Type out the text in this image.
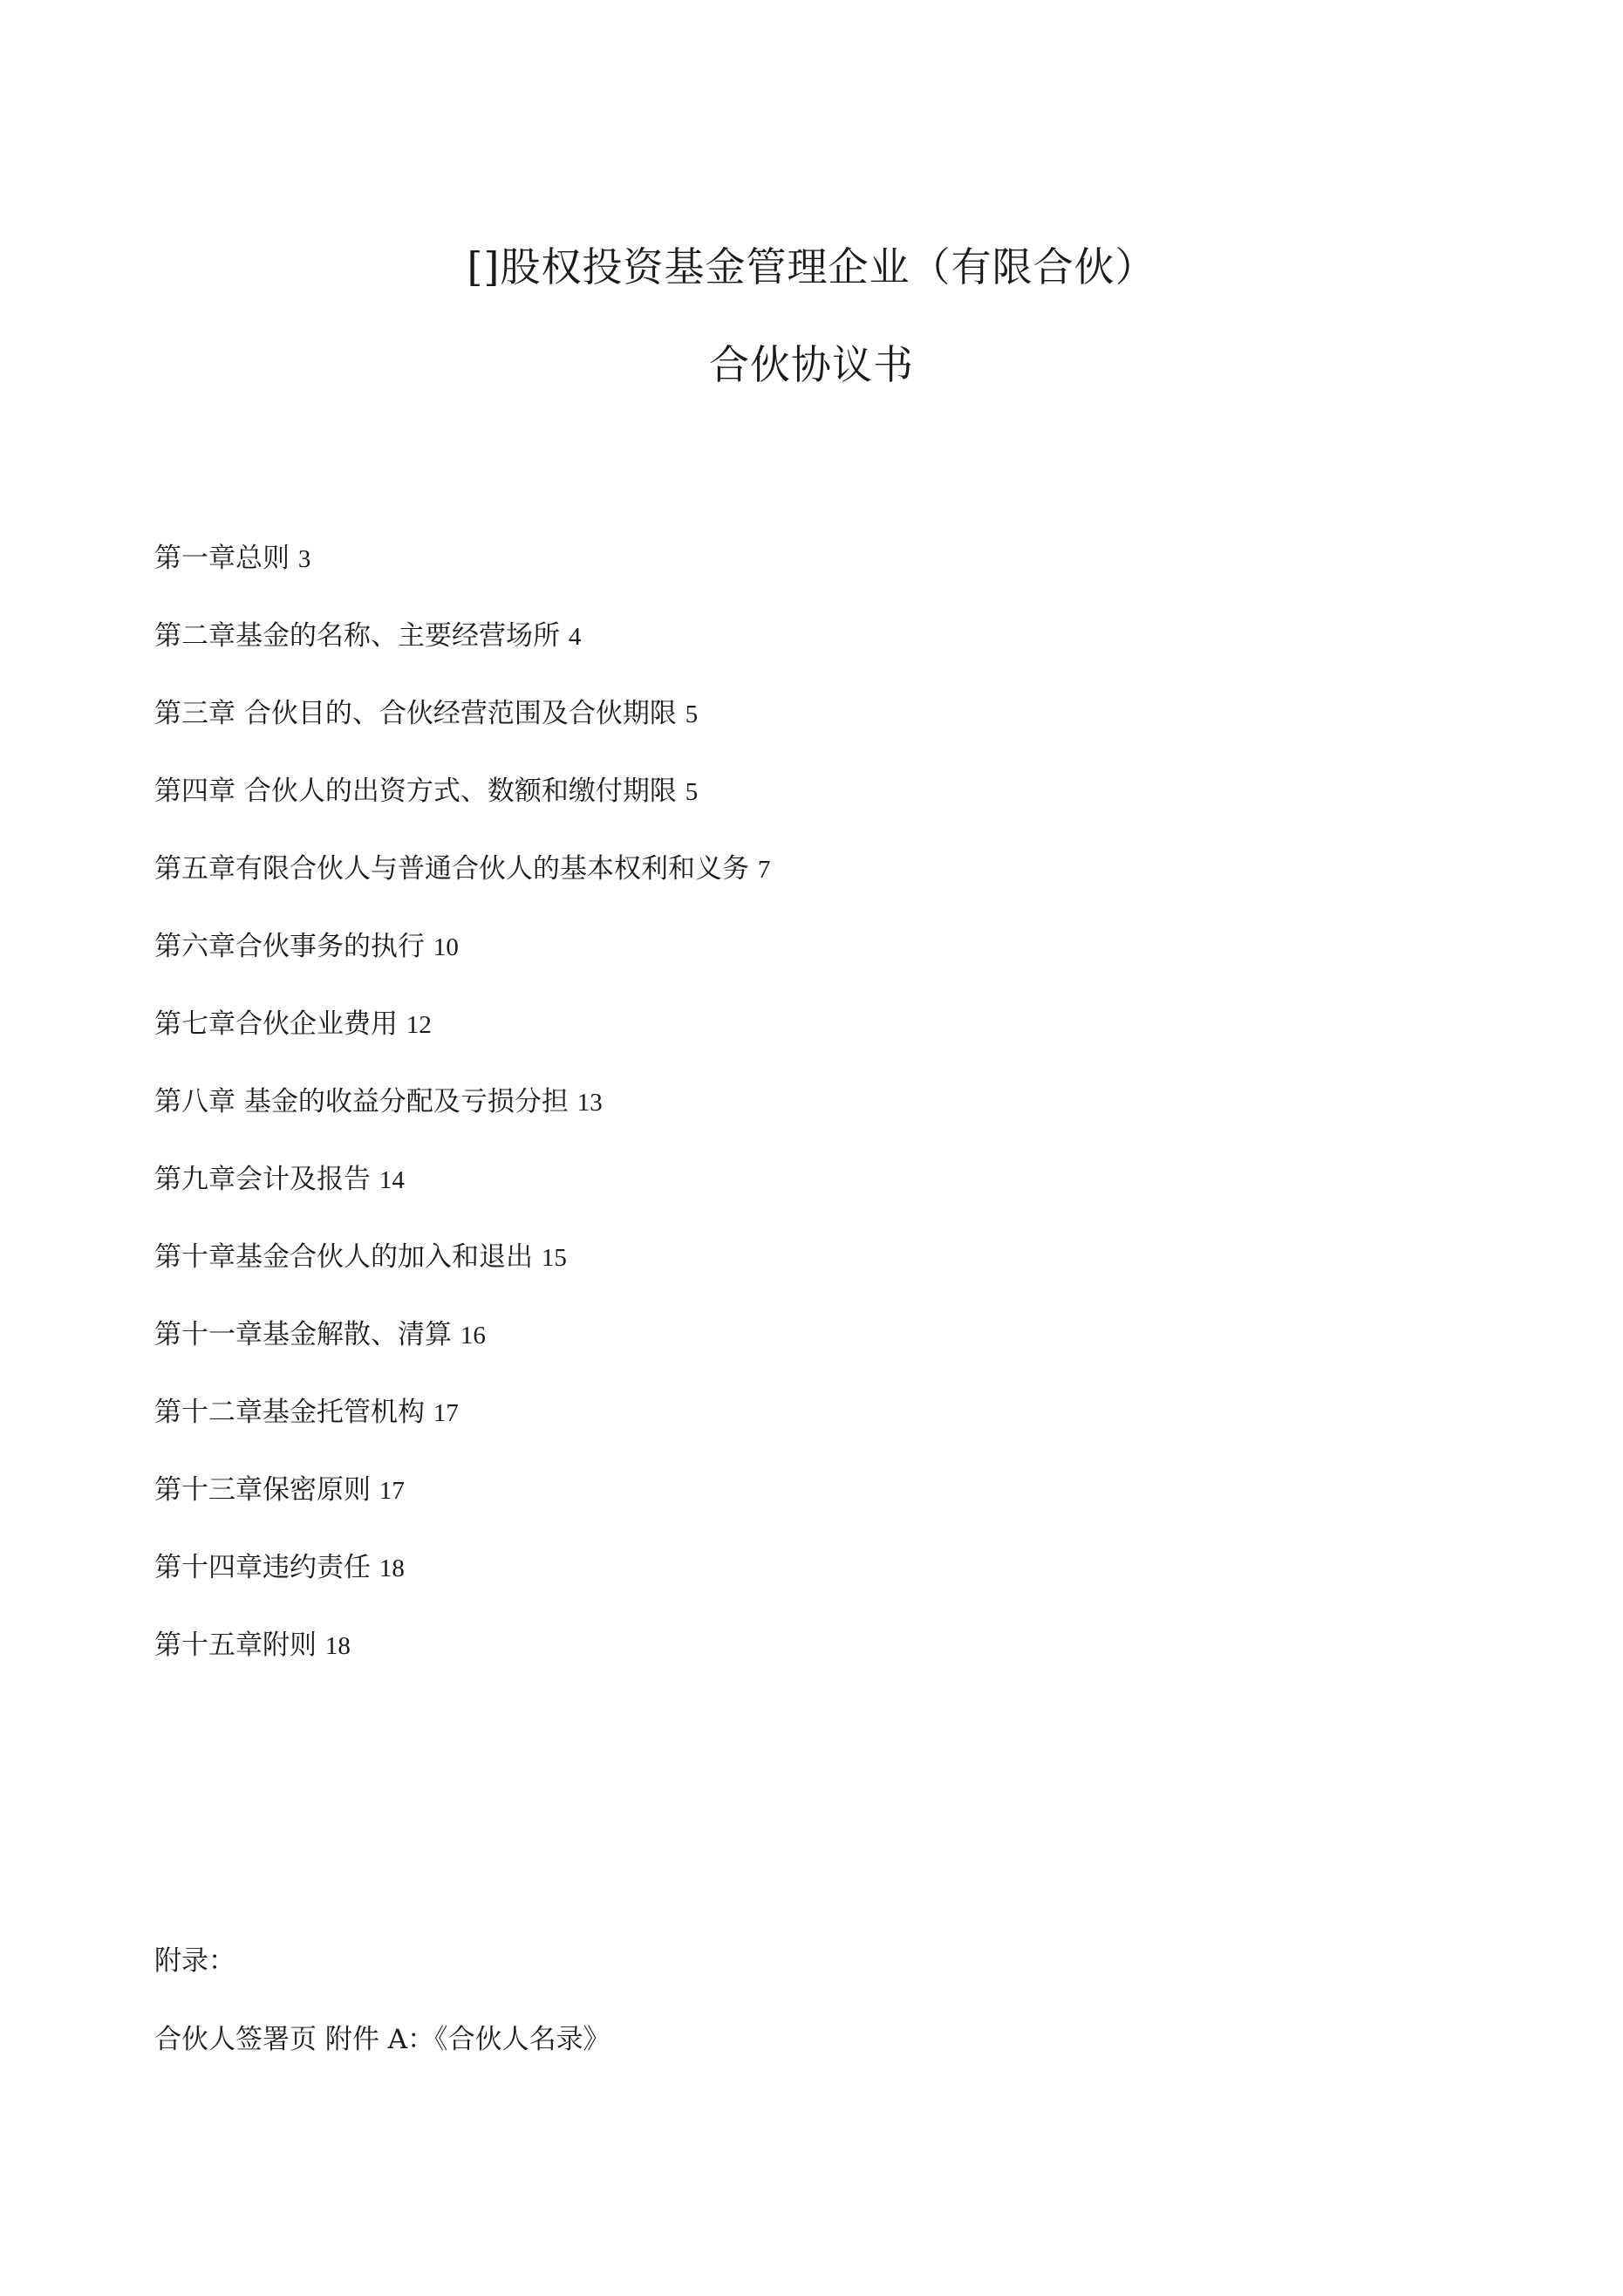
[]股权投资基金管理企业（有限合伙）
合伙协议书
第一章总则 3
第二章基金的名称、主要经营场所 4
第三章 合伙目的、合伙经营范围及合伙期限 5
第四章 合伙人的出资方式、数额和缴付期限 5
第五章有限合伙人与普通合伙人的基本权利和义务 7
第六章合伙事务的执行 10
第七章合伙企业费用 12
第八章 基金的收益分配及亏损分担 13
第九章会计及报告 14
第十章基金合伙人的加入和退出 15
第十一章基金解散、清算 16
第十二章基金托管机构 17
第十三章保密原则 17
第十四章违约责任 18
第十五章附则 18
附录：
合伙人签署页 附件 A：《合伙人名录》
